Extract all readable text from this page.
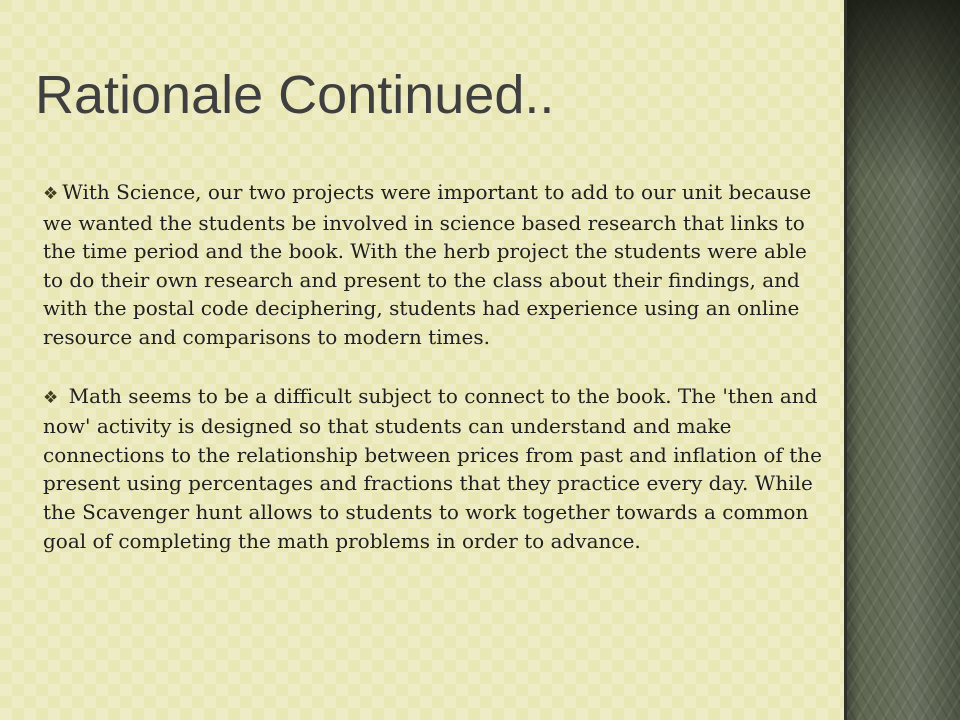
Rationale Continued..

❖ With Science, our two projects were important to add to our unit because we wanted the students be involved in science based research that links to the time period and the book. With the herb project the students were able to do their own research and present to the class about their findings, and with the postal code deciphering, students had experience using an online resource and comparisons to modern times.

❖ Math seems to be a difficult subject to connect to the book. The 'then and now' activity is designed so that students can understand and make connections to the relationship between prices from past and inflation of the present using percentages and fractions that they practice every day. While the Scavenger hunt allows to students to work together towards a common goal of completing the math problems in order to advance.
